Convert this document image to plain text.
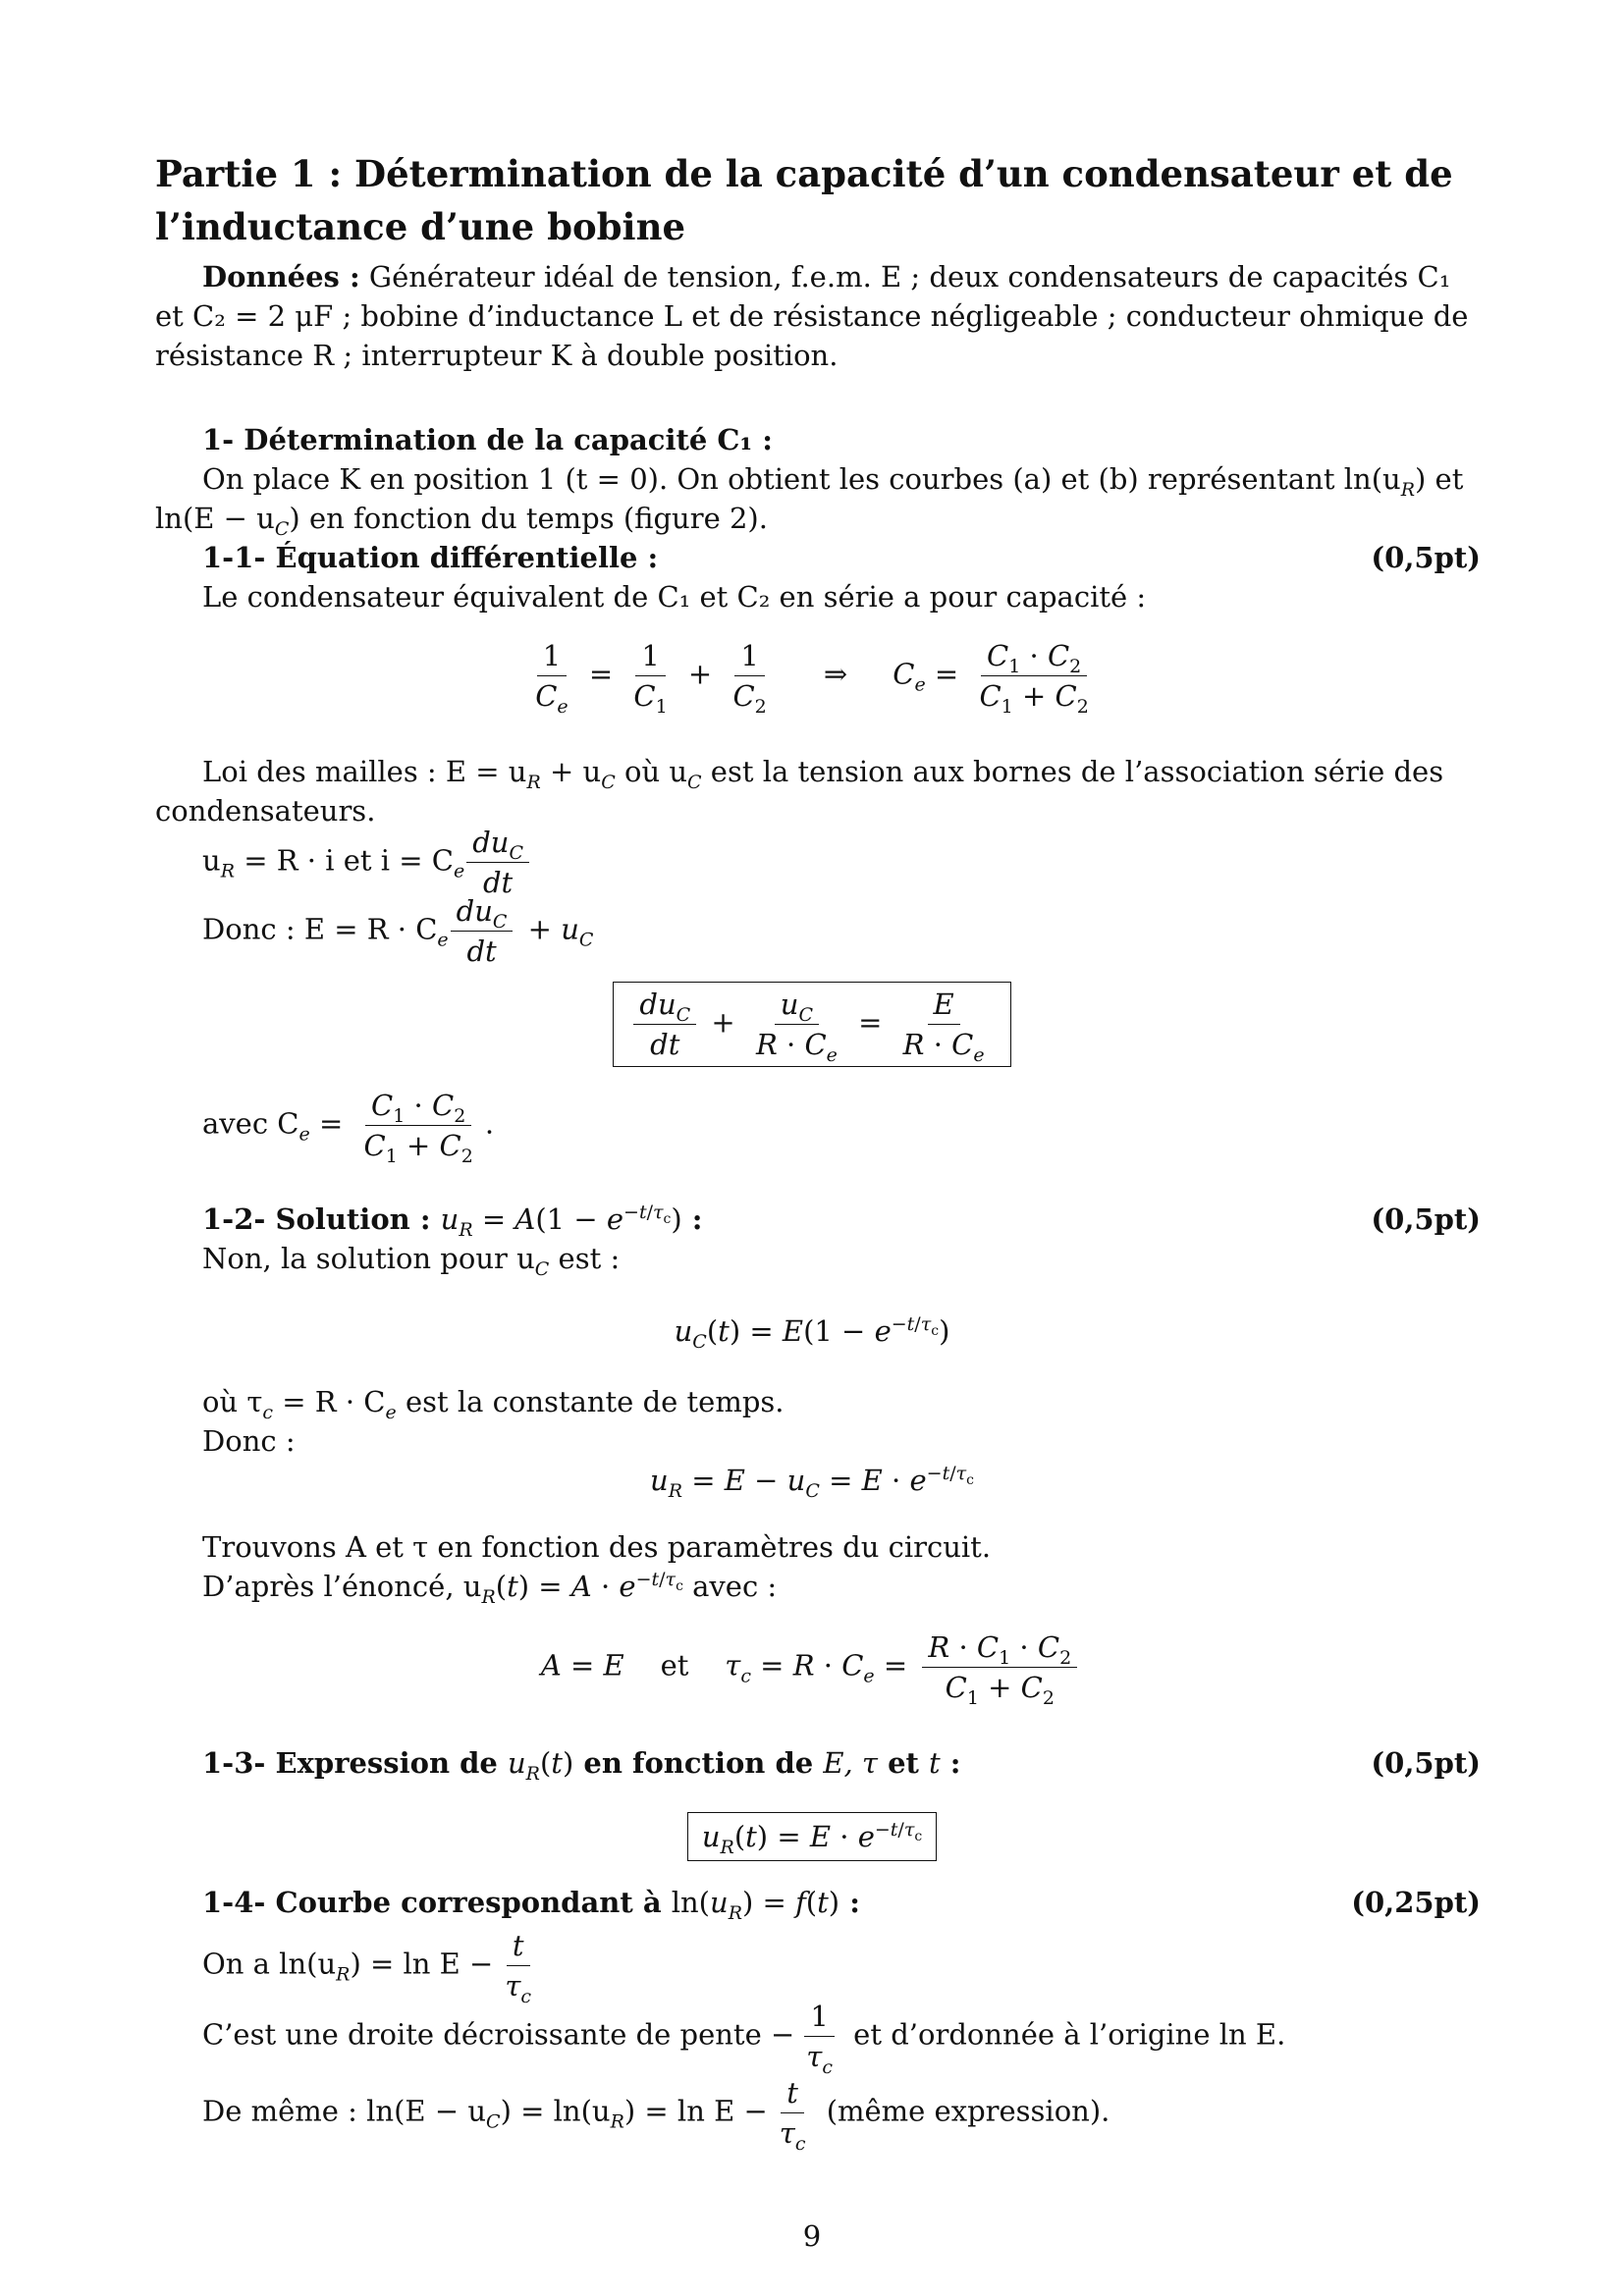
Partie 1 : Détermination de la capacité d’un condensateur et de l’inductance d’une bobine
Données : Générateur idéal de tension, f.e.m. E ; deux condensateurs de capacités C₁
et C₂ = 2 μF ; bobine d’inductance L et de résistance négligeable ; conducteur ohmique de
résistance R ; interrupteur K à double position.
1- Détermination de la capacité C₁ :
On place K en position 1 (t = 0). On obtient les courbes (a) et (b) représentant $\ln(u_R)$ et
$\ln(E - u_C)$ en fonction du temps (figure 2).
1-1- Équation différentielle :	(0,5pt)
Le condensateur équivalent de C₁ et C₂ en série a pour capacité :
$\frac{1}{C_e} = \frac{1}{C_1} + \frac{1}{C_2}$ ⇒     $C_e = \frac{C_1 \cdot C_2}{C_1 + C_2}$
Loi des mailles : $E = u_R + u_C$ où $u_C$ est la tension aux bornes de l’association série des
condensateurs.
$u_R = R \cdot i$ et $i = C_e \frac{du_C}{dt}$
Donc : $E = R \cdot C_e \frac{du_C}{dt} + u_C$
$\frac{du_C}{dt} + \frac{u_C}{R \cdot C_e} = \frac{E}{R \cdot C_e}$
avec $C_e = \frac{C_1 \cdot C_2}{C_1 + C_2}$ .
1-2- Solution : $u_R = A(1 - e^{-t/\tau_c})$ :	(0,5pt)
Non, la solution pour $u_C$ est :
$u_C(t) = E(1 - e^{-t/\tau_c})$
où $\tau_c = R \cdot C_e$ est la constante de temps.
Donc :
$u_R = E - u_C = E \cdot e^{-t/\tau_c}$
Trouvons A et τ en fonction des paramètres du circuit.
D’après l’énoncé, $u_R(t) = A \cdot e^{-t/\tau_c}$ avec :
A = E et $\tau_c = R \cdot C_e = \frac{R \cdot C_1 \cdot C_2}{C_1 + C_2}$
1-3- Expression de $u_R(t)$ en fonction de E, τ et t :	(0,5pt)
$u_R(t) = E \cdot e^{-t/\tau_c}$
1-4- Courbe correspondant à $\ln(u_R) = f(t)$ :	(0,25pt)
On a $\ln(u_R) = \ln E - \frac{t}{\tau_c}$
C’est une droite décroissante de pente − $\frac{1}{\tau_c}$ et d’ordonnée à l’origine ln E.
De même : $\ln(E - u_C) = \ln(u_R) = \ln E - \frac{t}{\tau_c}$ (même expression).
9
